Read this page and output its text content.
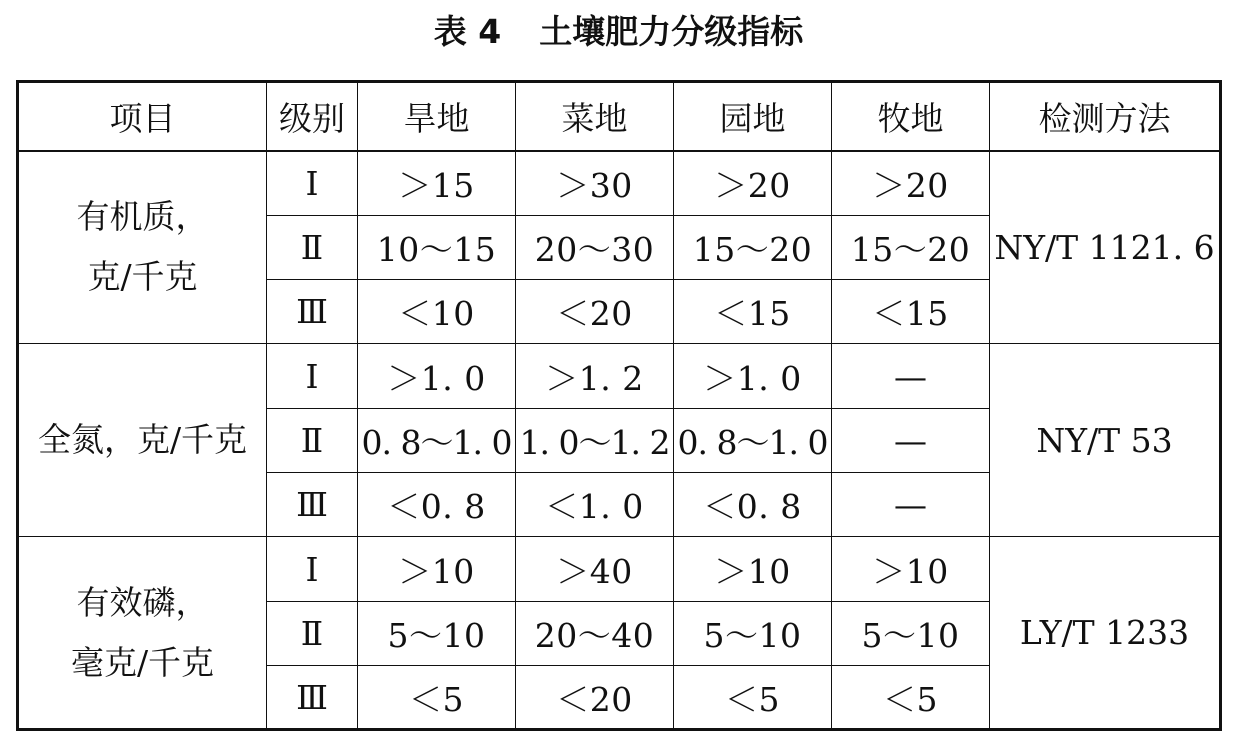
表 4 土壤肥力分级指标
项目	级别	旱地	菜地	园地	牧地	检测方法

有机质，
克/千克	Ⅰ	＞15	＞30	＞20	＞20	NY/T 1121. 6
	Ⅱ	10～15	20～30	15～20	15～20	
	Ⅲ	＜10	＜20	＜15	＜15	

全氮，克/千克	Ⅰ	＞1. 0	＞1. 2	＞1. 0	—	NY/T 53
	Ⅱ	0. 8～1. 0	1. 0～1. 2	0. 8～1. 0	—	
	Ⅲ	＜0. 8	＜1. 0	＜0. 8	—	

有效磷，
毫克/千克	Ⅰ	＞10	＞40	＞10	＞10	LY/T 1233
	Ⅱ	5～10	20～40	5～10	5～10	
	Ⅲ	＜5	＜20	＜5	＜5	
